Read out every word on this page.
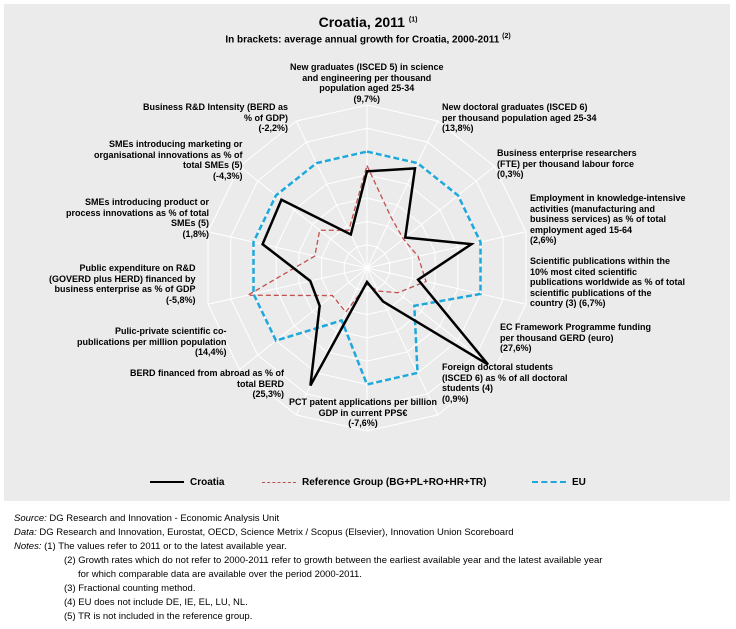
Croatia, 2011 $^{(1)}$
In brackets: average annual growth for Croatia, 2000-2011 $^{(2)}$
New graduates (ISCED 5) in science
and engineering per thousand
population aged 25-34
(9,7%)
New doctoral graduates (ISCED 6)
per thousand population aged 25-34
(13,8%)
Business enterprise researchers
(FTE) per thousand labour force
(0,3%)
Employment in knowledge-intensive
activities (manufacturing and
business services) as % of total
employment aged 15-64
(2,6%)
Scientific publications within the
10% most cited scientific
publications worldwide as % of total
scientific publications of the
country (3) (6,7%)
EC Framework Programme funding
per thousand GERD (euro)
(27,6%)
Foreign doctoral students
(ISCED 6) as % of all doctoral
students (4)
(0,9%)
PCT patent applications per billion
GDP in current PPS€
(-7,6%)
BERD financed from abroad as % of
total BERD
(25,3%)
Pulic-private scientific co-
publications per million population
(14,4%)
Public expenditure on R&D
(GOVERD plus HERD) financed by
business enterprise as % of GDP
(-5,8%)
SMEs introducing product or
process innovations as % of total
SMEs (5)
(1,8%)
SMEs introducing marketing or
organisational innovations as % of
total SMEs (5)
(-4,3%)
Business R&D Intensity (BERD as
% of GDP)
(-2,2%)
Croatia	Reference Group (BG+PL+RO+HR+TR)	EU
Source: DG Research and Innovation - Economic Analysis Unit
Data: DG Research and Innovation, Eurostat, OECD, Science Metrix / Scopus (Elsevier), Innovation Union Scoreboard
Notes: (1) The values refer to 2011 or to the latest available year.
(2) Growth rates which do not refer to 2000-2011 refer to growth between the earliest available year and the latest available year
for which comparable data are available over the period 2000-2011.
(3) Fractional counting method.
(4) EU does not include DE, IE, EL, LU, NL.
(5) TR is not included in the reference group.
